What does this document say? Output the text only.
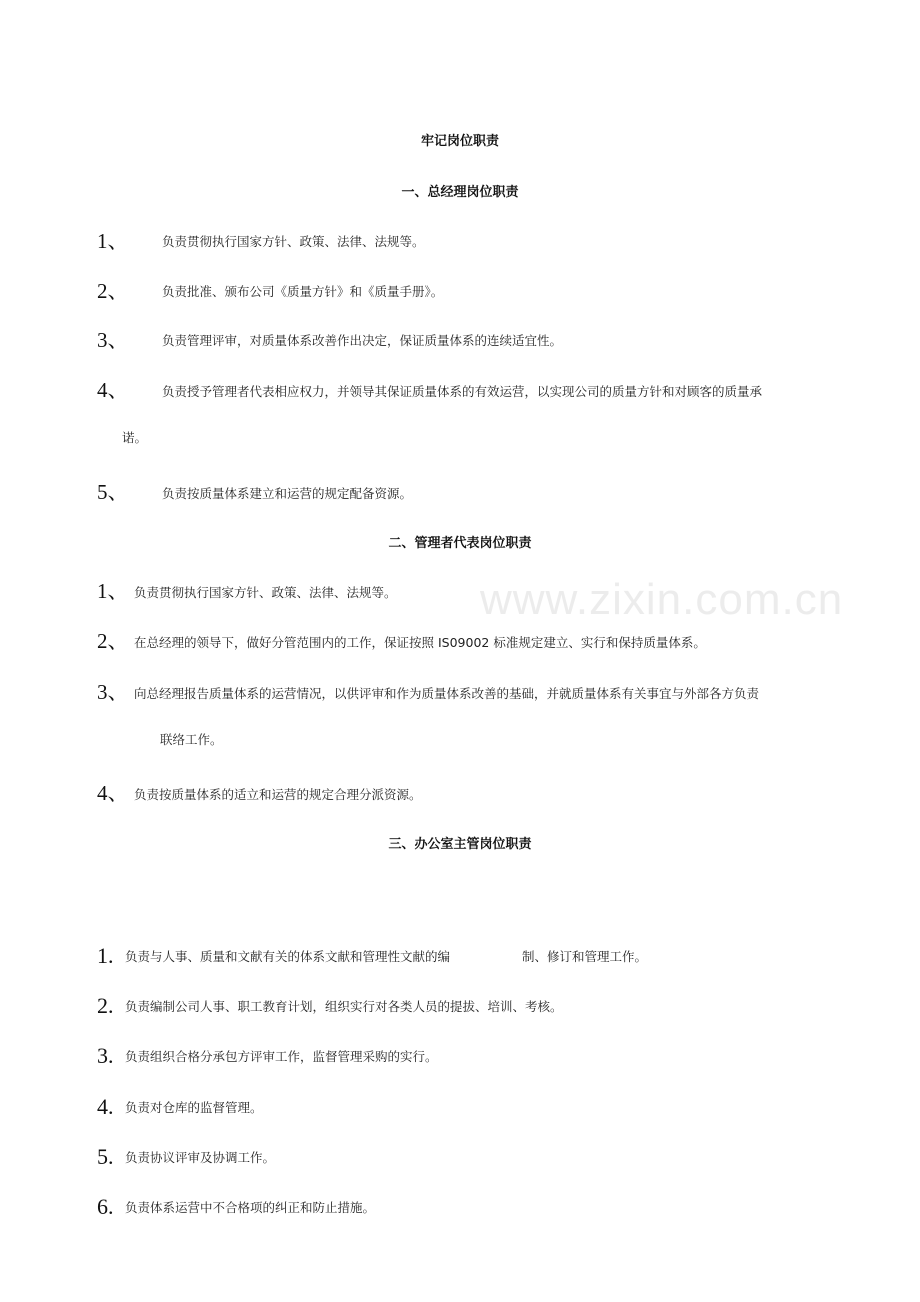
www.zixin.com.cn
牢记岗位职责
一、总经理岗位职责
1、	负责贯彻执行国家方针、政策、法律、法规等。
2、	负责批准、颁布公司《质量方针》和《质量手册》。
3、	负责管理评审，对质量体系改善作出决定，保证质量体系的连续适宜性。
4、	负责授予管理者代表相应权力，并领导其保证质量体系的有效运营，以实现公司的质量方针和对顾客的质量承
诺。
5、	负责按质量体系建立和运营的规定配备资源。
二、管理者代表岗位职责
1、 负责贯彻执行国家方针、政策、法律、法规等。
2、 在总经理的领导下，做好分管范围内的工作，保证按照 IS09002 标准规定建立、实行和保持质量体系。
3、 向总经理报告质量体系的运营情况，以供评审和作为质量体系改善的基础，并就质量体系有关事宜与外部各方负责
联络工作。
4、 负责按质量体系的适立和运营的规定合理分派资源。
三、办公室主管岗位职责
1. 负责与人事、质量和文献有关的体系文献和管理性文献的编	制、修订和管理工作。
2. 负责编制公司人事、职工教育计划，组织实行对各类人员的提拔、培训、考核。
3. 负责组织合格分承包方评审工作，监督管理采购的实行。
4. 负责对仓库的监督管理。
5. 负责协议评审及协调工作。
6. 负责体系运营中不合格项的纠正和防止措施。
